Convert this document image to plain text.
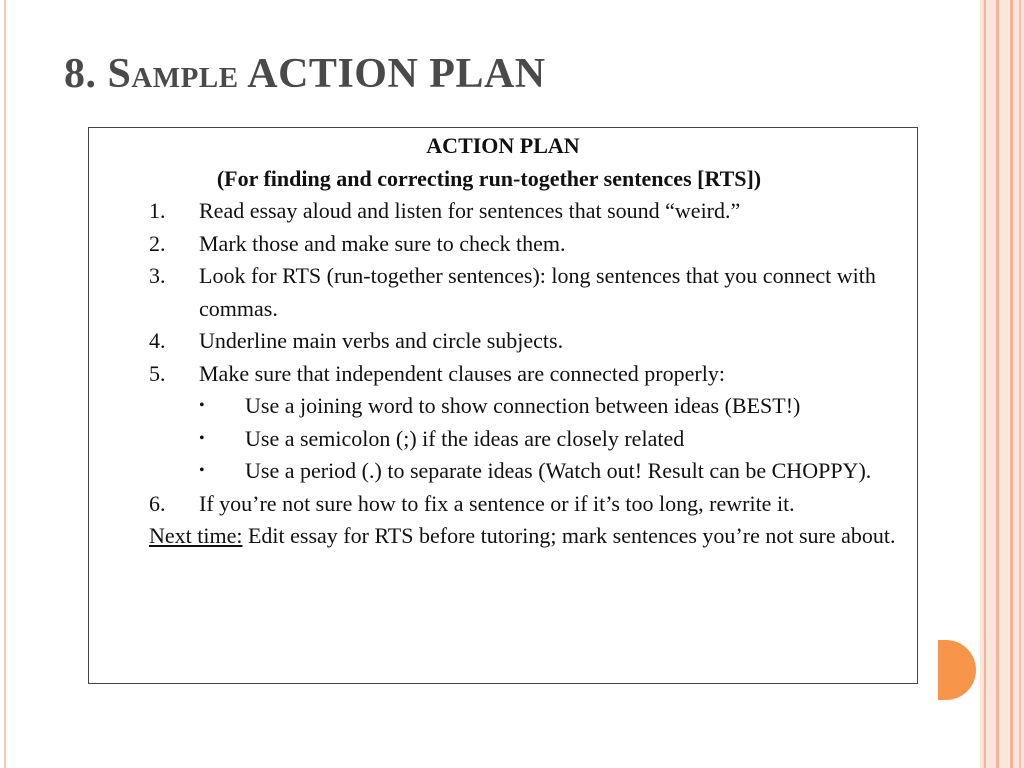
8. Sample ACTION PLAN
ACTION PLAN
(For finding and correcting run-together sentences [RTS])
1. Read essay aloud and listen for sentences that sound “weird.”
2. Mark those and make sure to check them.
3. Look for RTS (run-together sentences): long sentences that you connect with commas.
4. Underline main verbs and circle subjects.
5. Make sure that independent clauses are connected properly:
• Use a joining word to show connection between ideas (BEST!)
• Use a semicolon (;) if the ideas are closely related
• Use a period (.) to separate ideas (Watch out! Result can be CHOPPY).
6. If you’re not sure how to fix a sentence or if it’s too long, rewrite it.
Next time: Edit essay for RTS before tutoring; mark sentences you’re not sure about.
